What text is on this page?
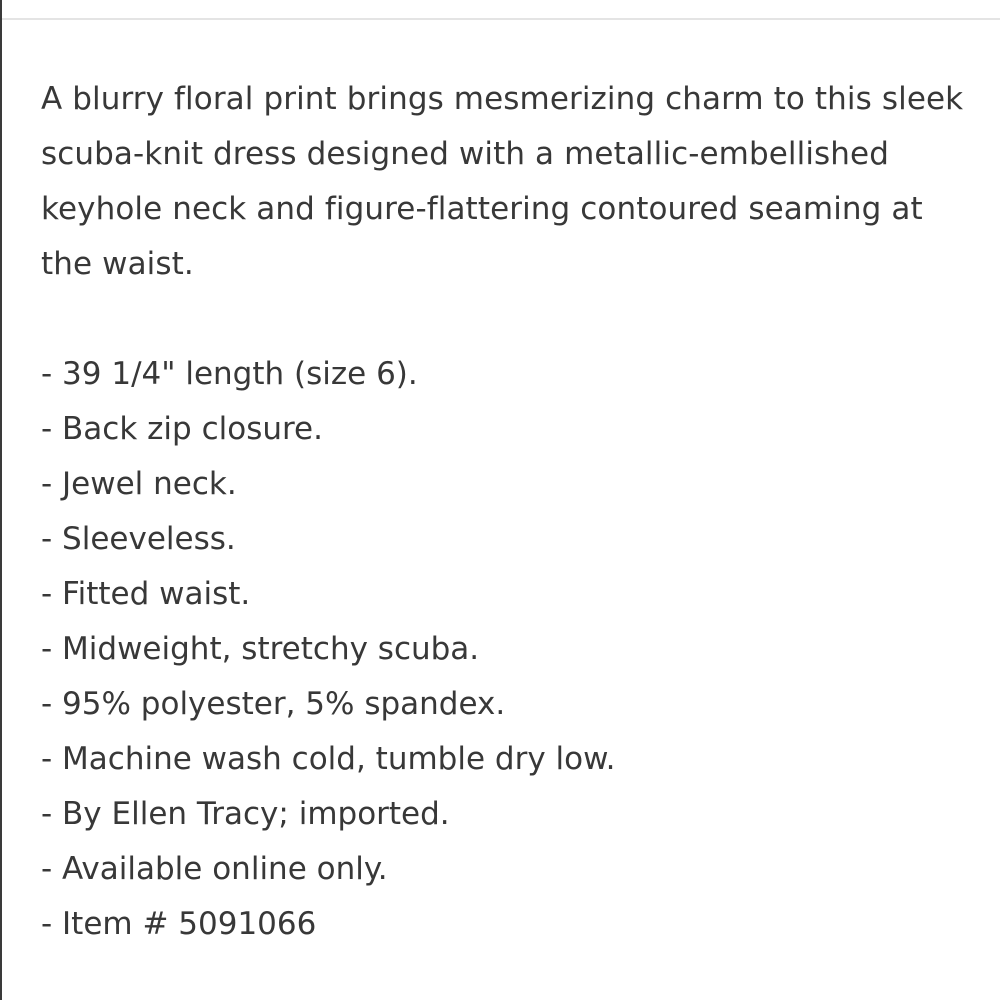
A blurry floral print brings mesmerizing charm to this sleek scuba-knit dress designed with a metallic-embellished keyhole neck and figure-flattering contoured seaming at the waist.

- 39 1/4" length (size 6).
- Back zip closure.
- Jewel neck.
- Sleeveless.
- Fitted waist.
- Midweight, stretchy scuba.
- 95% polyester, 5% spandex.
- Machine wash cold, tumble dry low.
- By Ellen Tracy; imported.
- Available online only.
- Item # 5091066
